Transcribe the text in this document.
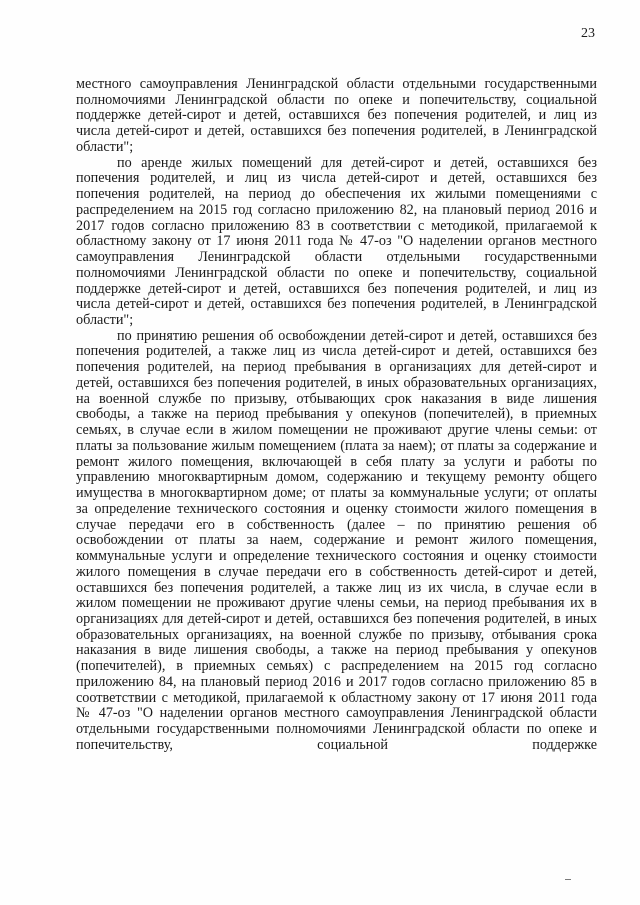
23

местного самоуправления Ленинградской области отдельными государственными полномочиями Ленинградской области по опеке и попечительству, социальной поддержке детей-сирот и детей, оставшихся без попечения родителей, и лиц из числа детей-сирот и детей, оставшихся без попечения родителей, в Ленинградской области";

по аренде жилых помещений для детей-сирот и детей, оставшихся без попечения родителей, и лиц из числа детей-сирот и детей, оставшихся без попечения родителей, на период до обеспечения их жилыми помещениями с распределением на 2015 год согласно приложению 82, на плановый период 2016 и 2017 годов согласно приложению 83 в соответствии с методикой, прилагаемой к областному закону от 17 июня 2011 года № 47-оз "О наделении органов местного самоуправления Ленинградской области отдельными государственными полномочиями Ленинградской области по опеке и попечительству, социальной поддержке детей-сирот и детей, оставшихся без попечения родителей, и лиц из числа детей-сирот и детей, оставшихся без попечения родителей, в Ленинградской области";

по принятию решения об освобождении детей-сирот и детей, оставшихся без попечения родителей, а также лиц из числа детей-сирот и детей, оставшихся без попечения родителей, на период пребывания в организациях для детей-сирот и детей, оставшихся без попечения родителей, в иных образовательных организациях, на военной службе по призыву, отбывающих срок наказания в виде лишения свободы, а также на период пребывания у опекунов (попечителей), в приемных семьях, в случае если в жилом помещении не проживают другие члены семьи: от платы за пользование жилым помещением (плата за наем); от платы за содержание и ремонт жилого помещения, включающей в себя плату за услуги и работы по управлению многоквартирным домом, содержанию и текущему ремонту общего имущества в многоквартирном доме; от платы за коммунальные услуги; от оплаты за определение технического состояния и оценку стоимости жилого помещения в случае передачи его в собственность (далее – по принятию решения об освобождении от платы за наем, содержание и ремонт жилого помещения, коммунальные услуги и определение технического состояния и оценку стоимости жилого помещения в случае передачи его в собственность детей-сирот и детей, оставшихся без попечения родителей, а также лиц из их числа, в случае если в жилом помещении не проживают другие члены семьи, на период пребывания их в организациях для детей-сирот и детей, оставшихся без попечения родителей, в иных образовательных организациях, на военной службе по призыву, отбывания срока наказания в виде лишения свободы, а также на период пребывания у опекунов (попечителей), в приемных семьях) с распределением на 2015 год согласно приложению 84, на плановый период 2016 и 2017 годов согласно приложению 85 в соответствии с методикой, прилагаемой к областному закону от 17 июня 2011 года № 47-оз "О наделении органов местного самоуправления Ленинградской области отдельными государственными полномочиями Ленинградской области по опеке и попечительству, социальной поддержке
